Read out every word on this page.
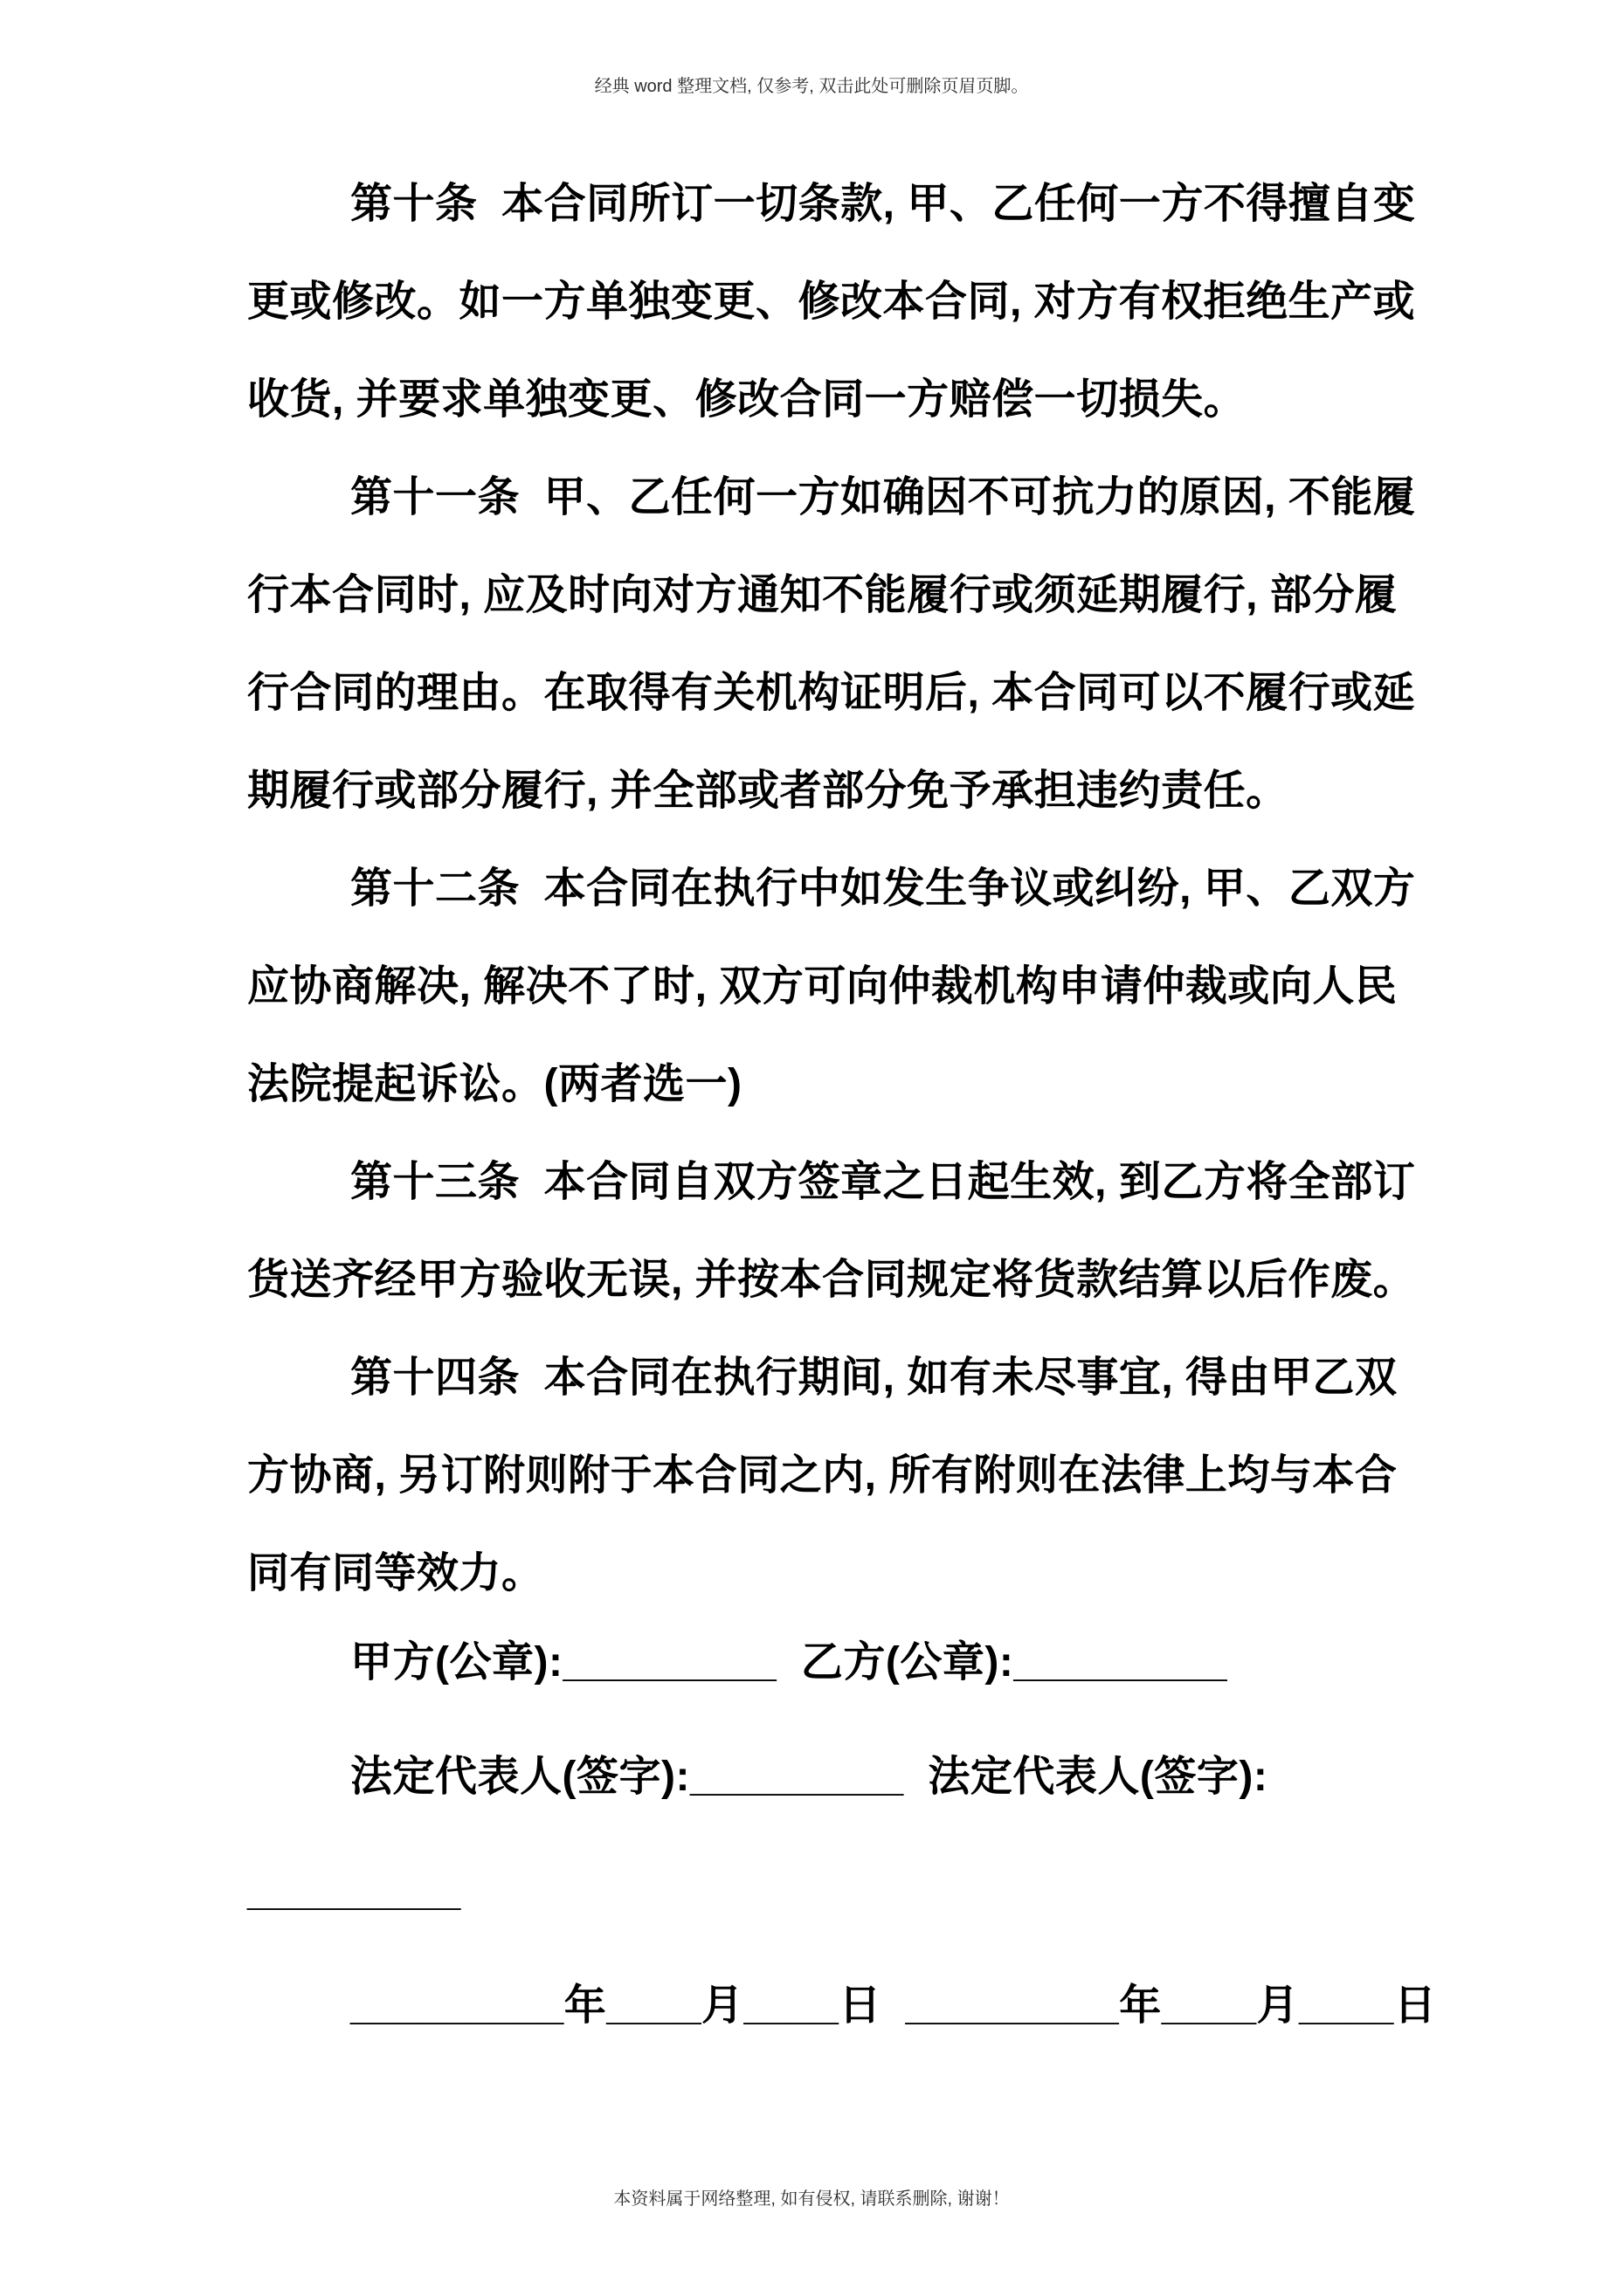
经典 word 整理文档, 仅参考, 双击此处可删除页眉页脚。
第十条  本合同所订一切条款, 甲、乙任何一方不得擅自变
更或修改。如一方单独变更、修改本合同, 对方有权拒绝生产或
收货, 并要求单独变更、修改合同一方赔偿一切损失。
第十一条  甲、乙任何一方如确因不可抗力的原因, 不能履
行本合同时, 应及时向对方通知不能履行或须延期履行, 部分履
行合同的理由。在取得有关机构证明后, 本合同可以不履行或延
期履行或部分履行, 并全部或者部分免予承担违约责任。
第十二条  本合同在执行中如发生争议或纠纷, 甲、乙双方
应协商解决, 解决不了时, 双方可向仲裁机构申请仲裁或向人民
法院提起诉讼。(两者选一)
第十三条  本合同自双方签章之日起生效, 到乙方将全部订
货送齐经甲方验收无误, 并按本合同规定将货款结算以后作废。
第十四条  本合同在执行期间, 如有未尽事宜, 得由甲乙双
方协商, 另订附则附于本合同之内, 所有附则在法律上均与本合
同有同等效力。
甲方(公章):_________  乙方(公章):_________
法定代表人(签字):_________  法定代表人(签字):
_________
_________年____月____日  _________年____月____日
本资料属于网络整理, 如有侵权, 请联系删除, 谢谢！
